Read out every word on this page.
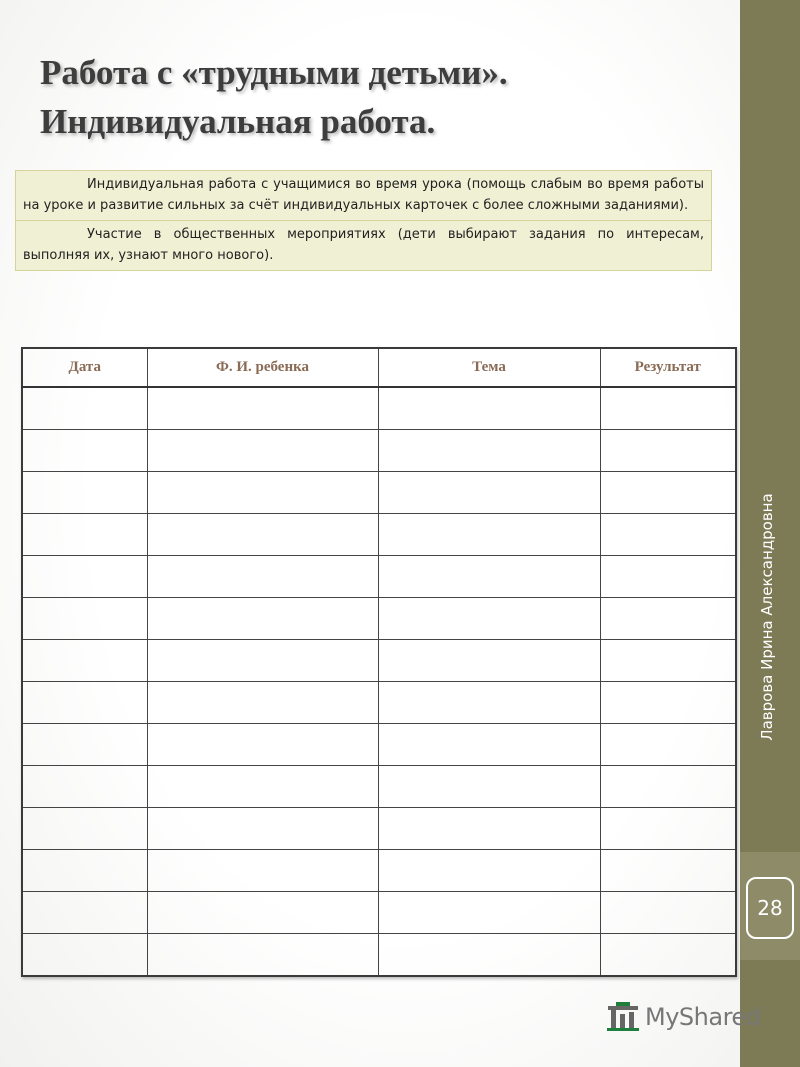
Работа с «трудными детьми».
Индивидуальная работа.

Индивидуальная работа с учащимися во время урока (помощь слабым во время работы на уроке и развитие сильных за счёт индивидуальных карточек с более сложными заданиями).

Участие в общественных мероприятиях (дети выбирают задания по интересам, выполняя их, узнают много нового).

Дата	Ф. И. ребенка	Тема	Результат

Лаврова Ирина Александровна
28
MyShared
